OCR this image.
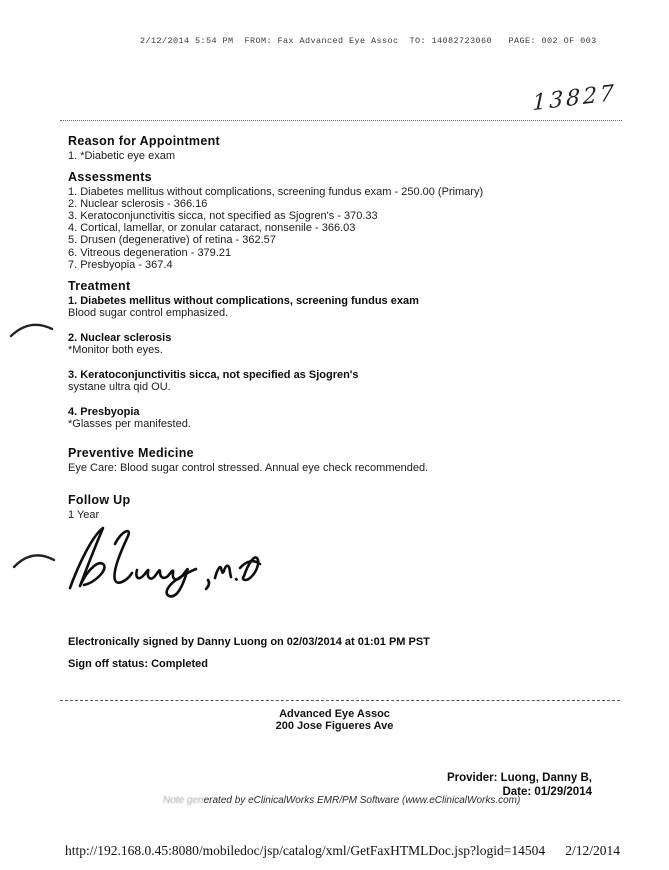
2/12/2014 5:54 PM  FROM: Fax Advanced Eye Assoc  TO: 14082723060   PAGE: 002 OF 003
13827
Reason for Appointment
1. *Diabetic eye exam
Assessments
1. Diabetes mellitus without complications, screening fundus exam - 250.00 (Primary)
2. Nuclear sclerosis - 366.16
3. Keratoconjunctivitis sicca, not specified as Sjogren's - 370.33
4. Cortical, lamellar, or zonular cataract, nonsenile - 366.03
5. Drusen (degenerative) of retina - 362.57
6. Vitreous degeneration - 379.21
7. Presbyopia - 367.4
Treatment
1. Diabetes mellitus without complications, screening fundus exam
Blood sugar control emphasized.
2. Nuclear sclerosis
*Monitor both eyes.
3. Keratoconjunctivitis sicca, not specified as Sjogren's
systane ultra qid OU.
4. Presbyopia
*Glasses per manifested.
Preventive Medicine
Eye Care: Blood sugar control stressed. Annual eye check recommended.
Follow Up
1 Year
Electronically signed by Danny Luong on 02/03/2014 at 01:01 PM PST
Sign off status: Completed
Advanced Eye Assoc
200 Jose Figueres Ave
Provider: Luong, Danny B,
Date: 01/29/2014
Note generated by eClinicalWorks EMR/PM Software (www.eClinicalWorks.com)
http://192.168.0.45:8080/mobiledoc/jsp/catalog/xml/GetFaxHTMLDoc.jsp?logid=14504 2/12/2014
